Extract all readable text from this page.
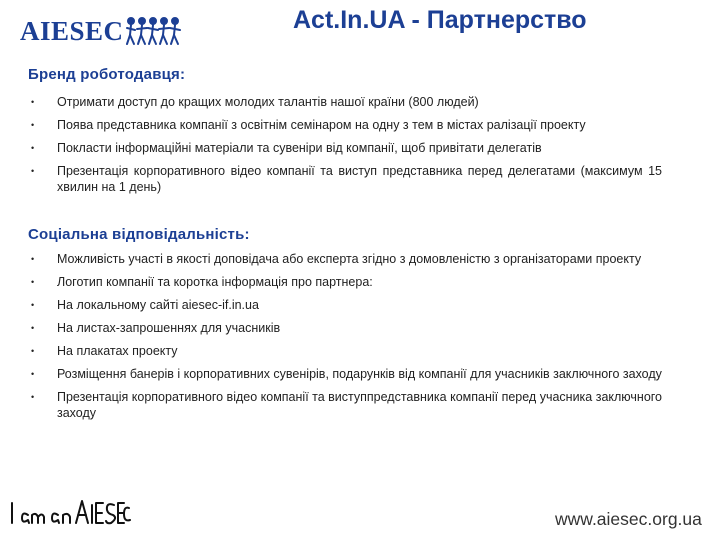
AIESEC	Act.In.UA - Партнерство
Бренд роботодавця:
• Отримати доступ до кращих молодих талантів нашої країни (800 людей)
• Поява представника компанії з освітнім семінаром на одну з тем в містах ралізації проекту
• Покласти інформаційні матеріали та сувеніри від компанії, щоб привітати делегатів
• Презентація корпоративного відео компанії та виступ представника перед делегатами (максимум 15 хвилин на 1 день)
Соціальна відповідальність:
• Можливість участі в якості доповідача або експерта згідно з домовленістю з організаторами проекту
• Логотип компанії та коротка інформація про партнера:
• На локальному сайті aiesec-if.in.ua
• На листах-запрошеннях для учасників
• На плакатах проекту
• Розміщення банерів і корпоративних сувенірів, подарунків від компанії для учасників заключного заходу
• Презентація корпоративного відео компанії та виступпредставника компанії перед учасника заключного заходу
www.aiesec.org.ua
